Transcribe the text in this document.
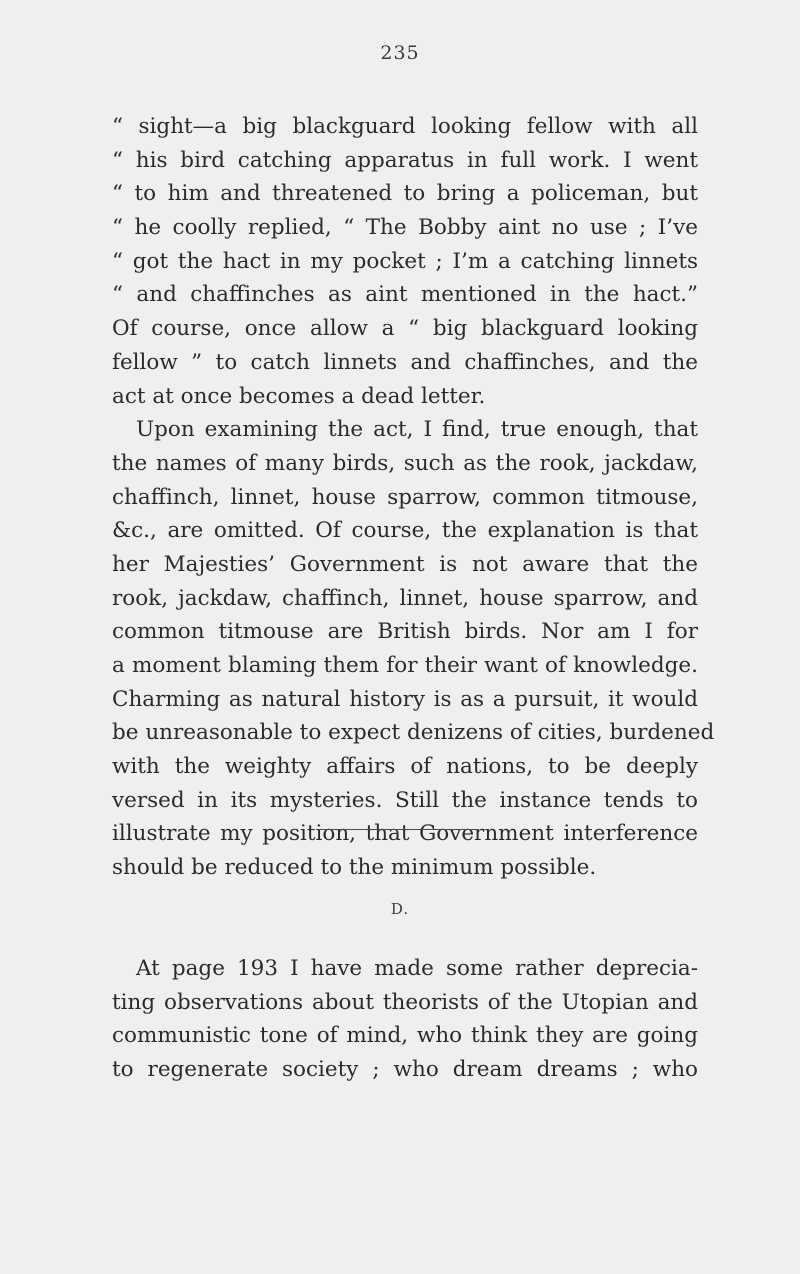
235
“ sight—a big blackguard looking fellow with all
“ his bird catching apparatus in full work. I went
“ to him and threatened to bring a policeman, but
“ he coolly replied, “ The Bobby aint no use ; I’ve
“ got the hact in my pocket ; I’m a catching linnets
“ and chaffinches as aint mentioned in the hact.”
Of course, once allow a “ big blackguard looking
fellow ” to catch linnets and chaffinches, and the
act at once becomes a dead letter.
Upon examining the act, I find, true enough, that
the names of many birds, such as the rook, jackdaw,
chaffinch, linnet, house sparrow, common titmouse,
&c., are omitted. Of course, the explanation is that
her Majesties’ Government is not aware that the
rook, jackdaw, chaffinch, linnet, house sparrow, and
common titmouse are British birds. Nor am I for
a moment blaming them for their want of knowledge.
Charming as natural history is as a pursuit, it would
be unreasonable to expect denizens of cities, burdened
with the weighty affairs of nations, to be deeply
versed in its mysteries. Still the instance tends to
illustrate my position, that Government interference
should be reduced to the minimum possible.
D.
At page 193 I have made some rather deprecia-
ting observations about theorists of the Utopian and
communistic tone of mind, who think they are going
to regenerate society ; who dream dreams ; who
